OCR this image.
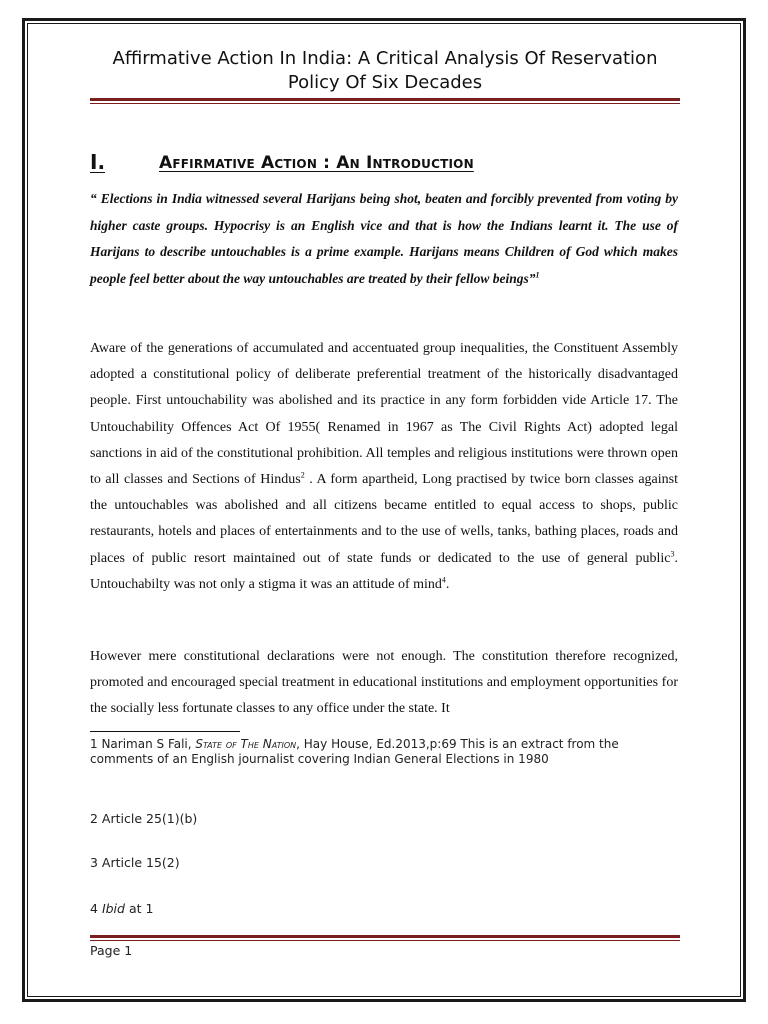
Affirmative Action In India: A Critical Analysis Of Reservation Policy Of Six Decades
I.	Affirmative Action : An Introduction

“ Elections in India witnessed several Harijans being shot, beaten and forcibly prevented from voting by higher caste groups. Hypocrisy is an English vice and that is how the Indians learnt it. The use of Harijans to describe untouchables is a prime example. Harijans means Children of God which makes people feel better about the way untouchables are treated by their fellow beings”$^1$

Aware of the generations of accumulated and accentuated group inequalities, the Constituent Assembly adopted a constitutional policy of deliberate preferential treatment of the historically disadvantaged people. First untouchability was abolished and its practice in any form forbidden vide Article 17. The Untouchability Offences Act Of 1955( Renamed in 1967 as The Civil Rights Act) adopted legal sanctions in aid of the constitutional prohibition. All temples and religious institutions were thrown open to all classes and Sections of Hindus$^2$ . A form apartheid, Long practised by twice born classes against the untouchables was abolished and all citizens became entitled to equal access to shops, public restaurants, hotels and places of entertainments and to the use of wells, tanks, bathing places, roads and places of public resort maintained out of state funds or dedicated to the use of general public$^3$. Untouchabilty was not only a stigma it was an attitude of mind$^4$.

However mere constitutional declarations were not enough. The constitution therefore recognized, promoted and encouraged special treatment in educational institutions and employment opportunities for the socially less fortunate classes to any office under the state. It

1 Nariman S Fali, State of The Nation, Hay House, Ed.2013,p:69 This is an extract from the comments of an English journalist covering Indian General Elections in 1980

2 Article 25(1)(b)

3 Article 15(2)

4 Ibid at 1

Page 1
